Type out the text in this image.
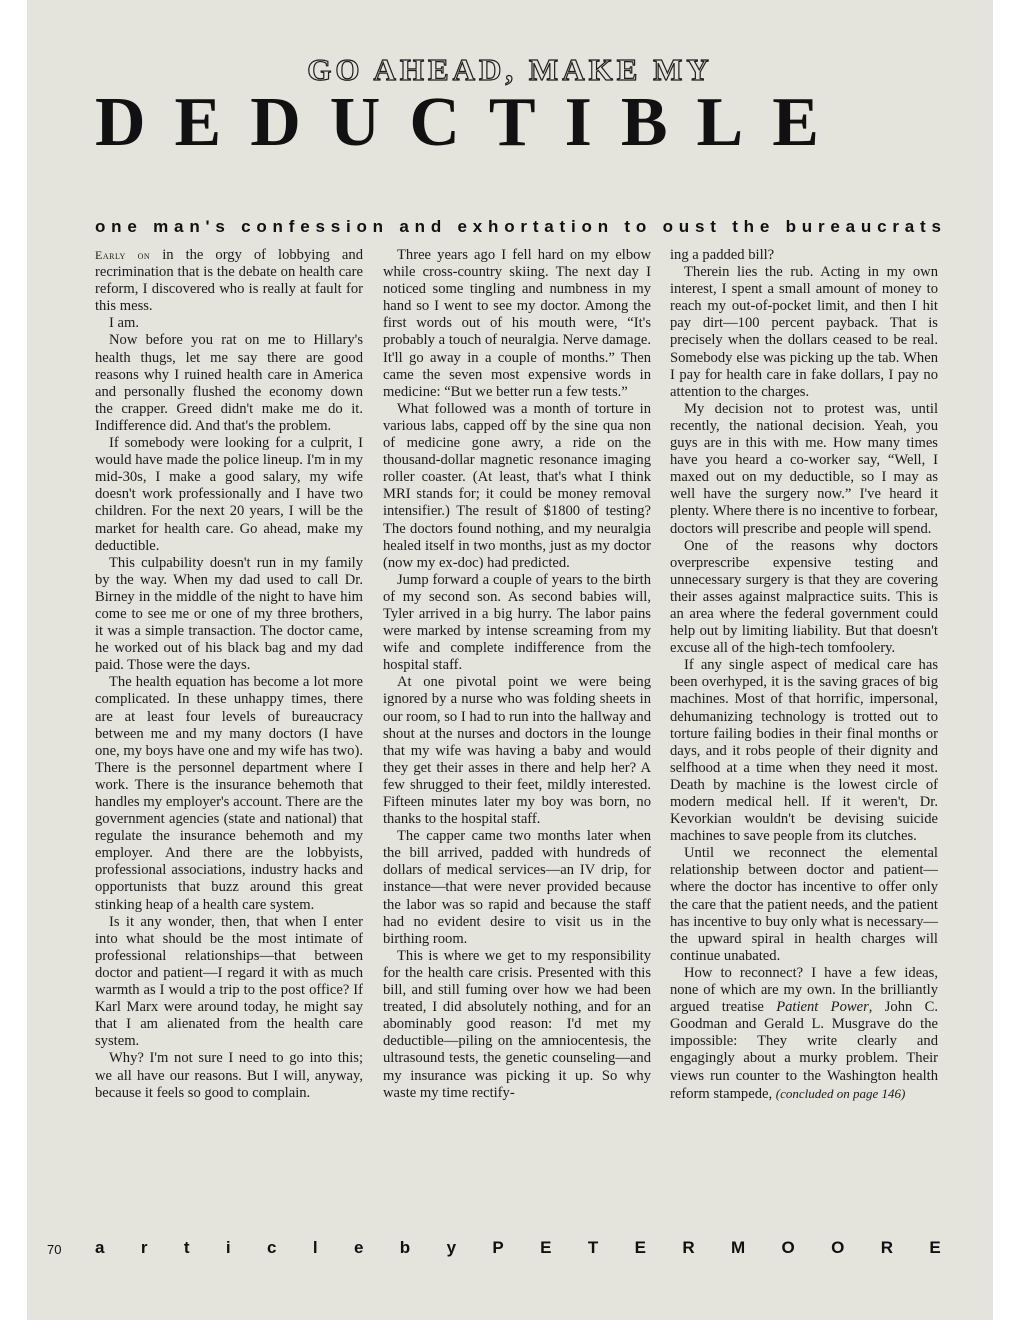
GO AHEAD, MAKE MY
DEDUCTIBLE
one man's confession and exhortation to oust the bureaucrats

Early on in the orgy of lobbying and recrimination that is the debate on health care reform, I discovered who is really at fault for this mess.

I am.

Now before you rat on me to Hillary's health thugs, let me say there are good reasons why I ruined health care in America and personally flushed the economy down the crapper. Greed didn't make me do it. Indifference did. And that's the problem.

If somebody were looking for a culprit, I would have made the police lineup. I'm in my mid-30s, I make a good salary, my wife doesn't work professionally and I have two children. For the next 20 years, I will be the market for health care. Go ahead, make my deductible.

This culpability doesn't run in my family by the way. When my dad used to call Dr. Birney in the middle of the night to have him come to see me or one of my three brothers, it was a simple transaction. The doctor came, he worked out of his black bag and my dad paid. Those were the days.

The health equation has become a lot more complicated. In these unhappy times, there are at least four levels of bureaucracy between me and my many doctors (I have one, my boys have one and my wife has two). There is the personnel department where I work. There is the insurance behemoth that handles my employer's account. There are the government agencies (state and national) that regulate the insurance behemoth and my employer. And there are the lobbyists, professional associations, industry hacks and opportunists that buzz around this great stinking heap of a health care system.

Is it any wonder, then, that when I enter into what should be the most intimate of professional relationships—that between doctor and patient—I regard it with as much warmth as I would a trip to the post office? If Karl Marx were around today, he might say that I am alienated from the health care system.

Why? I'm not sure I need to go into this; we all have our reasons. But I will, anyway, because it feels so good to complain.

Three years ago I fell hard on my elbow while cross-country skiing. The next day I noticed some tingling and numbness in my hand so I went to see my doctor. Among the first words out of his mouth were, “It's probably a touch of neuralgia. Nerve damage. It'll go away in a couple of months.” Then came the seven most expensive words in medicine: “But we better run a few tests.”

What followed was a month of torture in various labs, capped off by the sine qua non of medicine gone awry, a ride on the thousand-dollar magnetic resonance imaging roller coaster. (At least, that's what I think MRI stands for; it could be money removal intensifier.) The result of $1800 of testing? The doctors found nothing, and my neuralgia healed itself in two months, just as my doctor (now my ex-doc) had predicted.

Jump forward a couple of years to the birth of my second son. As second babies will, Tyler arrived in a big hurry. The labor pains were marked by intense screaming from my wife and complete indifference from the hospital staff.

At one pivotal point we were being ignored by a nurse who was folding sheets in our room, so I had to run into the hallway and shout at the nurses and doctors in the lounge that my wife was having a baby and would they get their asses in there and help her? A few shrugged to their feet, mildly interested. Fifteen minutes later my boy was born, no thanks to the hospital staff.

The capper came two months later when the bill arrived, padded with hundreds of dollars of medical services—an IV drip, for instance—that were never provided because the labor was so rapid and because the staff had no evident desire to visit us in the birthing room.

This is where we get to my responsibility for the health care crisis. Presented with this bill, and still fuming over how we had been treated, I did absolutely nothing, and for an abominably good reason: I'd met my deductible—piling on the amniocentesis, the ultrasound tests, the genetic counseling—and my insurance was picking it up. So why waste my time rectify-

ing a padded bill?

Therein lies the rub. Acting in my own interest, I spent a small amount of money to reach my out-of-pocket limit, and then I hit pay dirt—100 percent payback. That is precisely when the dollars ceased to be real. Somebody else was picking up the tab. When I pay for health care in fake dollars, I pay no attention to the charges.

My decision not to protest was, until recently, the national decision. Yeah, you guys are in this with me. How many times have you heard a co-worker say, “Well, I maxed out on my deductible, so I may as well have the surgery now.” I've heard it plenty. Where there is no incentive to forbear, doctors will prescribe and people will spend.

One of the reasons why doctors overprescribe expensive testing and unnecessary surgery is that they are covering their asses against malpractice suits. This is an area where the federal government could help out by limiting liability. But that doesn't excuse all of the high-tech tomfoolery.

If any single aspect of medical care has been overhyped, it is the saving graces of big machines. Most of that horrific, impersonal, dehumanizing technology is trotted out to torture failing bodies in their final months or days, and it robs people of their dignity and selfhood at a time when they need it most. Death by machine is the lowest circle of modern medical hell. If it weren't, Dr. Kevorkian wouldn't be devising suicide machines to save people from its clutches.

Until we reconnect the elemental relationship between doctor and patient—where the doctor has incentive to offer only the care that the patient needs, and the patient has incentive to buy only what is necessary—the upward spiral in health charges will continue unabated.

How to reconnect? I have a few ideas, none of which are my own. In the brilliantly argued treatise Patient Power, John C. Goodman and Gerald L. Musgrave do the impossible: They write clearly and engagingly about a murky problem. Their views run counter to the Washington health reform stampede, (concluded on page 146)

70 a r t i c l e b y P E T E R M O O R E
